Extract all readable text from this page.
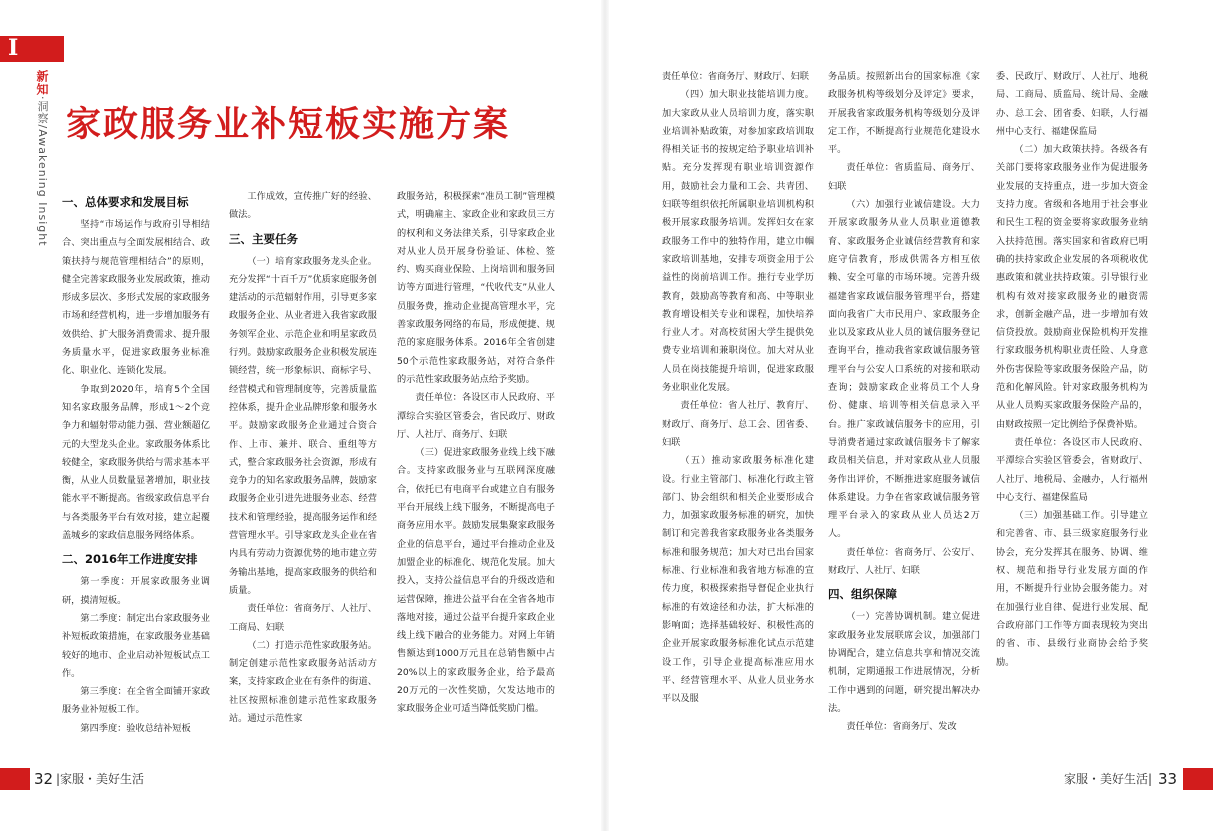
I
新知·洞察/Awakening Insight 家政服务业补短板实施方案
一、总体要求和发展目标

坚持“市场运作与政府引导相结合、突出重点与全面发展相结合、政策扶持与规范管理相结合”的原则，健全完善家政服务业发展政策，推动形成多层次、多形式发展的家政服务市场和经营机构，进一步增加服务有效供给、扩大服务消费需求、提升服务质量水平，促进家政服务业标准化、职业化、连锁化发展。

争取到2020年，培育5个全国知名家政服务品牌，形成1～2个竞争力和辐射带动能力强、营业额超亿元的大型龙头企业。家政服务体系比较健全，家政服务供给与需求基本平衡，从业人员数量显著增加，职业技能水平不断提高。省级家政信息平台与各类服务平台有效对接，建立起覆盖城乡的家政信息服务网络体系。

二、2016年工作进度安排

第一季度：开展家政服务业调研，摸清短板。

第二季度：制定出台家政服务业补短板政策措施，在家政服务业基础较好的地市、企业启动补短板试点工作。

第三季度：在全省全面铺开家政服务业补短板工作。

第四季度：验收总结补短板

工作成效，宣传推广好的经验、做法。

三、主要任务

（一）培育家政服务龙头企业。充分发挥“十百千万”优质家庭服务创建活动的示范辐射作用，引导更多家政服务企业、从业者进入我省家政服务领军企业、示范企业和明星家政员行列。鼓励家政服务企业积极发展连锁经营，统一形象标识、商标字号、经营模式和管理制度等，完善质量监控体系，提升企业品牌形象和服务水平。鼓励家政服务企业通过合资合作、上市、兼并、联合、重组等方式，整合家政服务社会资源，形成有竞争力的知名家政服务品牌，鼓励家政服务企业引进先进服务业态、经营技术和管理经验，提高服务运作和经营管理水平。引导家政龙头企业在省内具有劳动力资源优势的地市建立劳务输出基地，提高家政服务的供给和质量。

责任单位：省商务厅、人社厅、工商局、妇联

（二）打造示范性家政服务站。制定创建示范性家政服务站活动方案，支持家政企业在有条件的街道、社区按照标准创建示范性家政服务站。通过示范性家

政服务站，积极探索“准员工制”管理模式，明确雇主、家政企业和家政员三方的权利和义务法律关系，引导家政企业对从业人员开展身份验证、体检、签约、购买商业保险、上岗培训和服务回访等方面进行管理，“代收代支”从业人员服务费，推动企业提高管理水平，完善家政服务网络的布局，形成便捷、规范的家庭服务体系。2016年全省创建50个示范性家政服务站，对符合条件的示范性家政服务站点给予奖励。

责任单位：各设区市人民政府、平潭综合实验区管委会，省民政厅、财政厅、人社厅、商务厅、妇联

（三）促进家政服务业线上线下融合。支持家政服务业与互联网深度融合，依托已有电商平台或建立自有服务平台开展线上线下服务，不断提高电子商务应用水平。鼓励发展集聚家政服务企业的信息平台，通过平台推动企业及加盟企业的标准化、规范化发展。加大投入，支持公益信息平台的升级改造和运营保障，推进公益平台在全省各地市落地对接，通过公益平台提升家政企业线上线下融合的业务能力。对网上年销售额达到1000万元且在总销售额中占20%以上的家政服务企业，给予最高20万元的一次性奖励，欠发达地市的家政服务企业可适当降低奖励门槛。

32 |家服・美好生活

责任单位：省商务厅、财政厅、妇联

（四）加大职业技能培训力度。加大家政从业人员培训力度，落实职业培训补贴政策，对参加家政培训取得相关证书的按规定给予职业培训补贴。充分发挥现有职业培训资源作用，鼓励社会力量和工会、共青团、妇联等组织依托所属职业培训机构积极开展家政服务培训。发挥妇女在家政服务工作中的独特作用，建立巾帼家政培训基地，安排专项资金用于公益性的岗前培训工作。推行专业学历教育，鼓励高等教育和高、中等职业教育增设相关专业和课程，加快培养行业人才。对高校贫困大学生提供免费专业培训和兼职岗位。加大对从业人员在岗技能提升培训，促进家政服务业职业化发展。

责任单位：省人社厅、教育厅、财政厅、商务厅、总工会、团省委、妇联

（五）推动家政服务标准化建设。行业主管部门、标准化行政主管部门、协会组织和相关企业要形成合力，加强家政服务标准的研究，加快制订和完善我省家政服务业各类服务标准和服务规范；加大对已出台国家标准、行业标准和我省地方标准的宣传力度，积极探索指导督促企业执行标准的有效途径和办法，扩大标准的影响面；选择基础较好、积极性高的企业开展家政服务标准化试点示范建设工作，引导企业提高标准应用水平、经营管理水平、从业人员业务水平以及服

务品质。按照新出台的国家标准《家政服务机构等级划分及评定》要求，开展我省家政服务机构等级划分及评定工作，不断提高行业规范化建设水平。

责任单位：省质监局、商务厅、妇联

（六）加强行业诚信建设。大力开展家政服务从业人员职业道德教育、家政服务企业诚信经营教育和家庭守信教育，形成供需各方相互依赖、安全可靠的市场环境。完善升级福建省家政诚信服务管理平台，搭建面向我省广大市民用户、家政服务企业以及家政从业人员的诚信服务登记查询平台，推动我省家政诚信服务管理平台与公安人口系统的对接和联动查询；鼓励家政企业将员工个人身份、健康、培训等相关信息录入平台。推广家政诚信服务卡的应用，引导消费者通过家政诚信服务卡了解家政员相关信息，并对家政从业人员服务作出评价，不断推进家庭服务诚信体系建设。力争在省家政诚信服务管理平台录入的家政从业人员达2万人。

责任单位：省商务厅、公安厅、财政厅、人社厅、妇联

四、组织保障

（一）完善协调机制。建立促进家政服务业发展联席会议，加强部门协调配合，建立信息共享和情况交流机制，定期通报工作进展情况，分析工作中遇到的问题，研究提出解决办法。

责任单位：省商务厅、发改

委、民政厅、财政厅、人社厅、地税局、工商局、质监局、统计局、金融办、总工会、团省委、妇联，人行福州中心支行、福建保监局

（二）加大政策扶持。各级各有关部门要将家政服务业作为促进服务业发展的支持重点，进一步加大资金支持力度。省级和各地用于社会事业和民生工程的资金要将家政服务业纳入扶持范围。落实国家和省政府已明确的扶持家政企业发展的各项税收优惠政策和就业扶持政策。引导银行业机构有效对接家政服务业的融资需求，创新金融产品，进一步增加有效信贷投放。鼓励商业保险机构开发推行家政服务机构职业责任险、人身意外伤害保险等家政服务保险产品，防范和化解风险。针对家政服务机构为从业人员购买家政服务保险产品的，由财政按照一定比例给予保费补贴。

责任单位：各设区市人民政府、平潭综合实验区管委会，省财政厅、人社厅、地税局、金融办，人行福州中心支行、福建保监局

（三）加强基础工作。引导建立和完善省、市、县三级家庭服务行业协会，充分发挥其在服务、协调、维权、规范和指导行业发展方面的作用，不断提升行业协会服务能力。对在加强行业自律、促进行业发展、配合政府部门工作等方面表现较为突出的省、市、县级行业商协会给予奖励。

家服・美好生活| 33
